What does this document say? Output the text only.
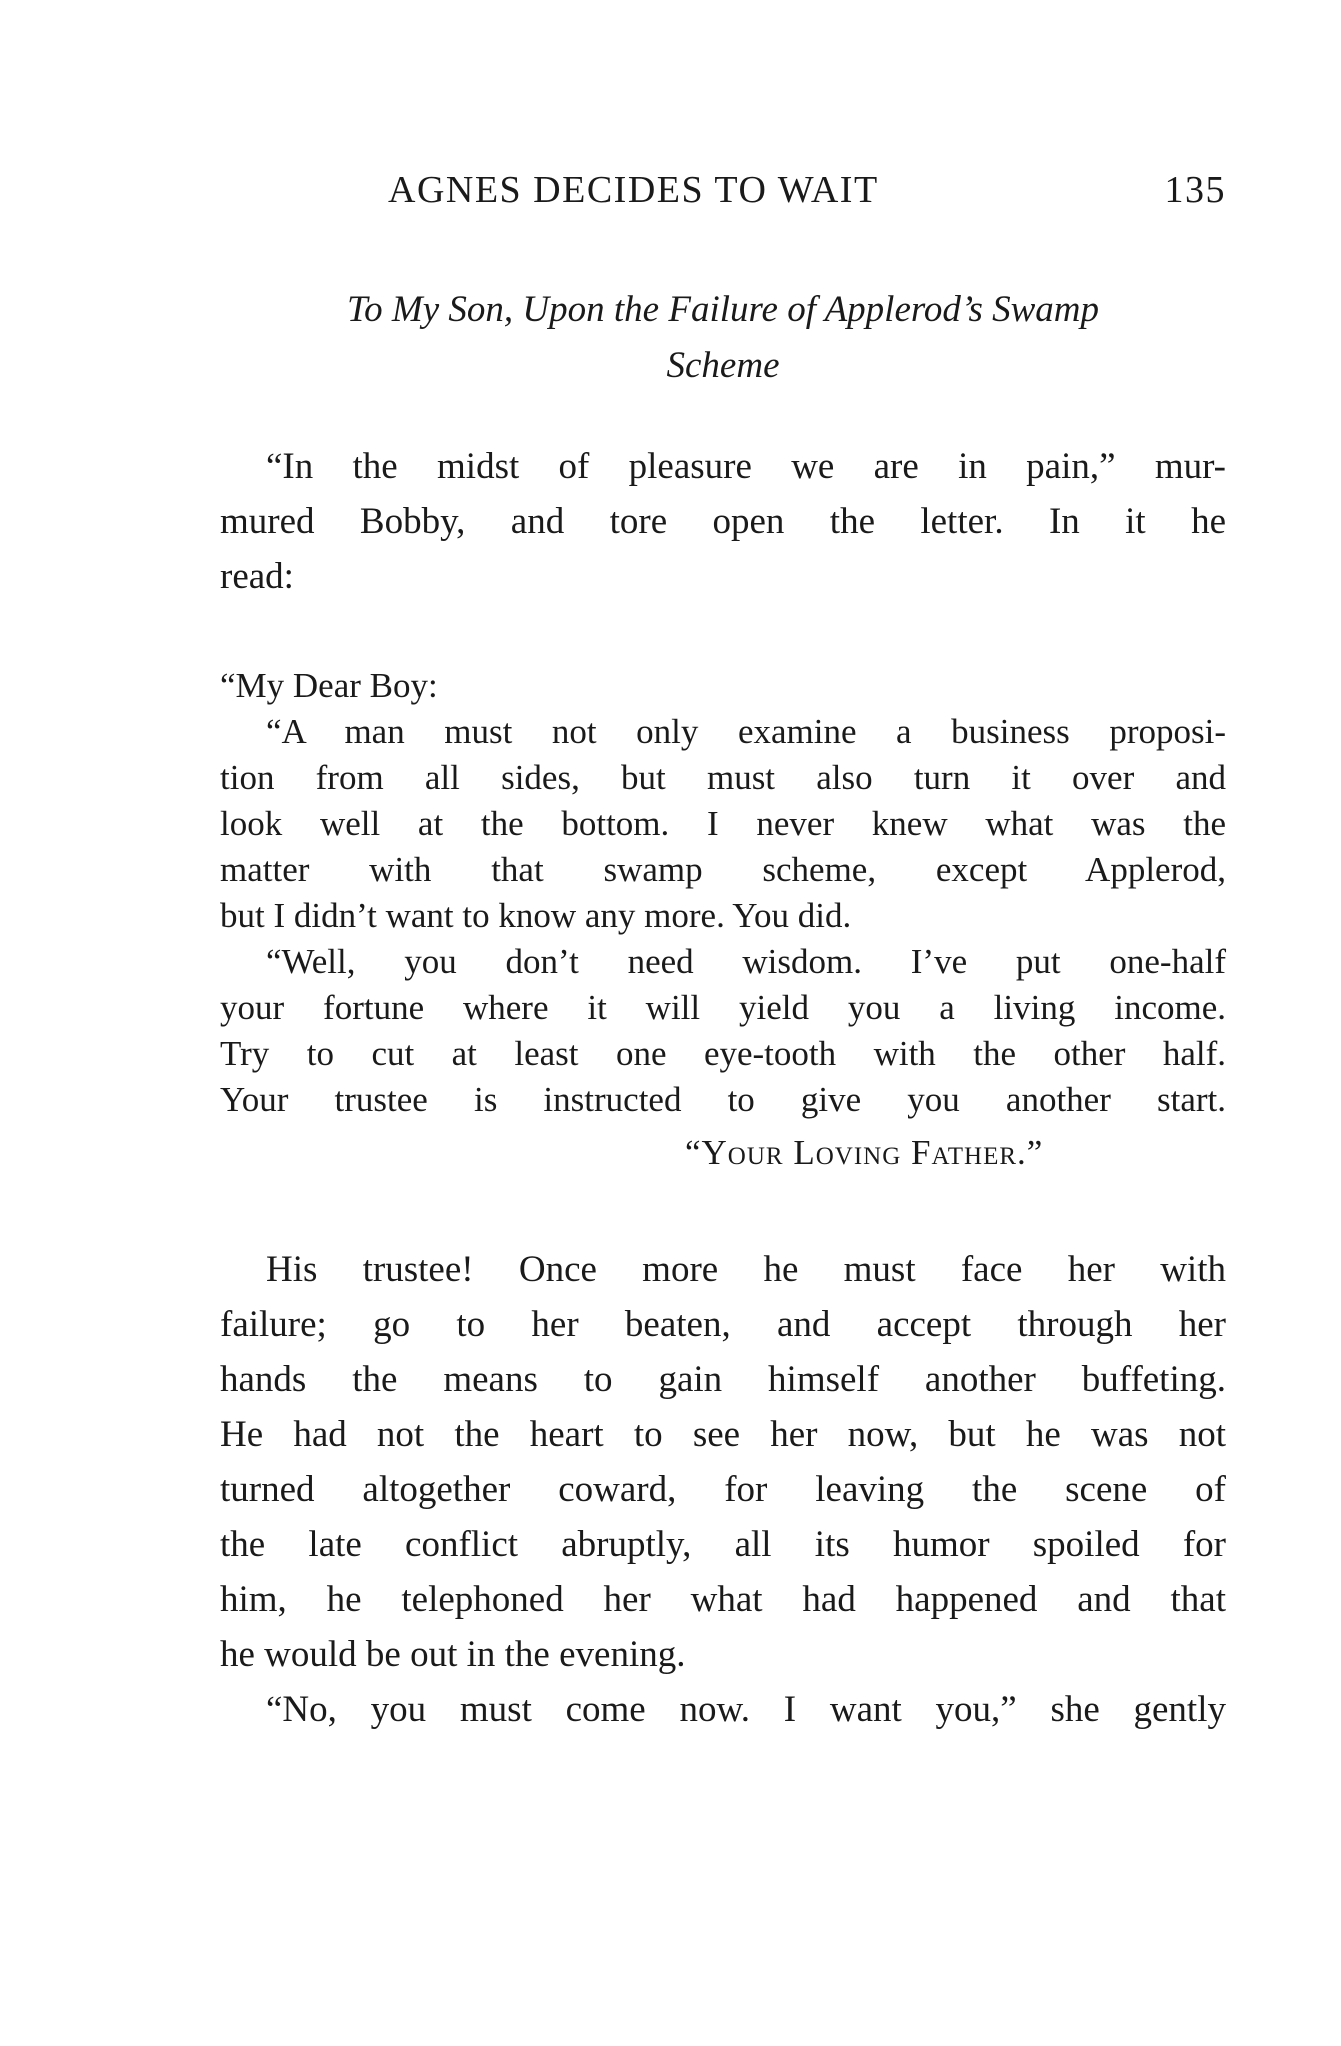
AGNES DECIDES TO WAIT	135
To My Son, Upon the Failure of Applerod’s Swamp
Scheme
“In the midst of pleasure we are in pain,” mur-
mured Bobby, and tore open the letter. In it he
read:
“My Dear Boy:
“A man must not only examine a business proposi-
tion from all sides, but must also turn it over and
look well at the bottom. I never knew what was the
matter with that swamp scheme, except Applerod,
but I didn’t want to know any more. You did.
“Well, you don’t need wisdom. I’ve put one-half
your fortune where it will yield you a living income.
Try to cut at least one eye-tooth with the other half.
Your trustee is instructed to give you another start.
“Your Loving Father.”
His trustee! Once more he must face her with
failure; go to her beaten, and accept through her
hands the means to gain himself another buffeting.
He had not the heart to see her now, but he was not
turned altogether coward, for leaving the scene of
the late conflict abruptly, all its humor spoiled for
him, he telephoned her what had happened and that
he would be out in the evening.
“No, you must come now. I want you,” she gently
